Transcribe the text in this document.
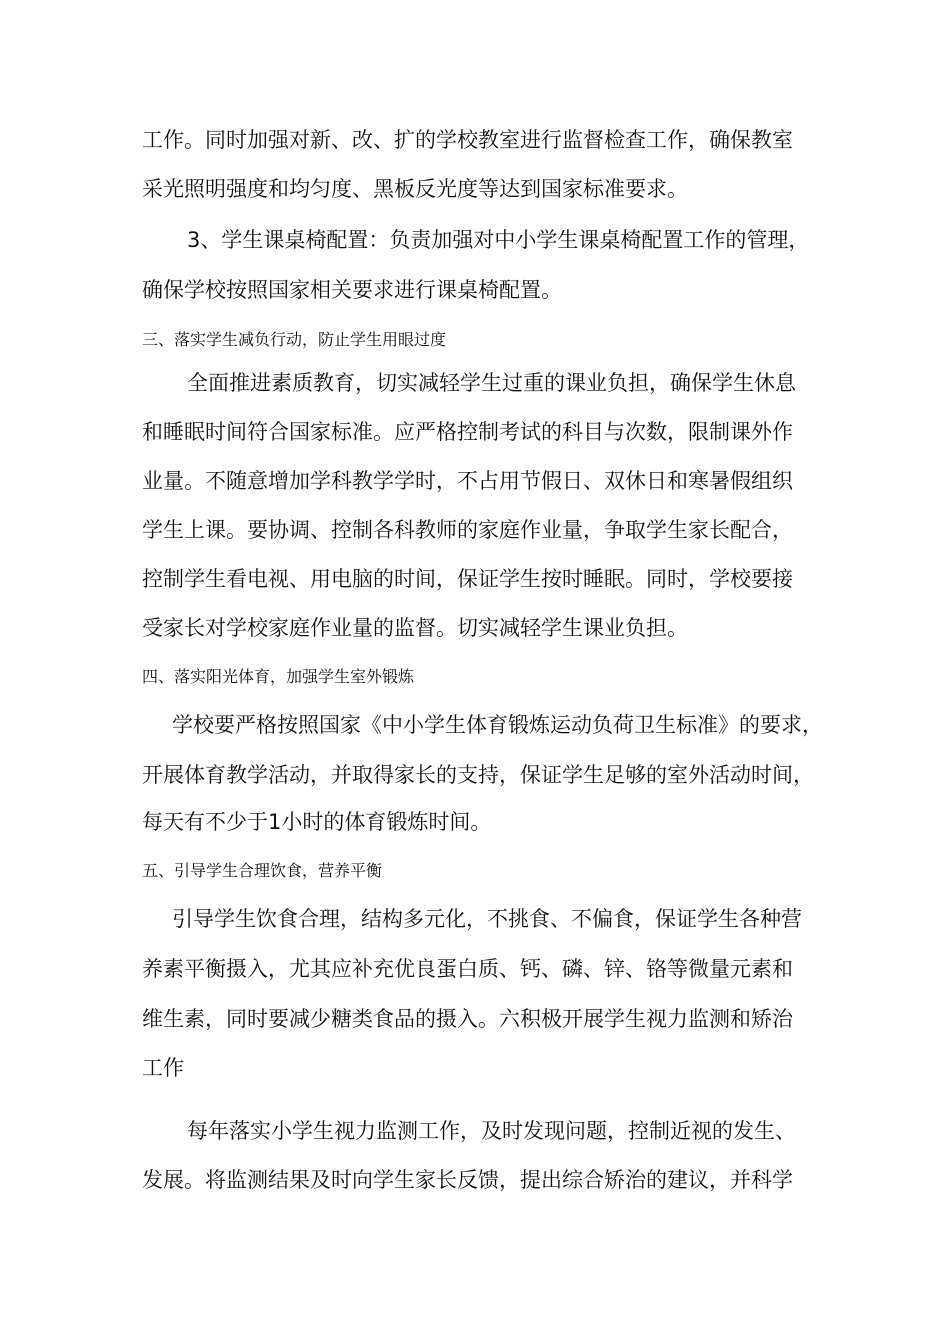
工作。同时加强对新、改、扩的学校教室进行监督检查工作，确保教室
采光照明强度和均匀度、黑板反光度等达到国家标准要求。
3、学生课桌椅配置：负责加强对中小学生课桌椅配置工作的管理，
确保学校按照国家相关要求进行课桌椅配置。
三、落实学生减负行动，防止学生用眼过度
全面推进素质教育，切实减轻学生过重的课业负担，确保学生休息
和睡眠时间符合国家标准。应严格控制考试的科目与次数，限制课外作
业量。不随意增加学科教学学时，不占用节假日、双休日和寒暑假组织
学生上课。要协调、控制各科教师的家庭作业量，争取学生家长配合，
控制学生看电视、用电脑的时间，保证学生按时睡眠。同时，学校要接
受家长对学校家庭作业量的监督。切实减轻学生课业负担。
四、落实阳光体育，加强学生室外锻炼
学校要严格按照国家《中小学生体育锻炼运动负荷卫生标准》的要求，
开展体育教学活动，并取得家长的支持，保证学生足够的室外活动时间，
每天有不少于1小时的体育锻炼时间。
五、引导学生合理饮食，营养平衡
引导学生饮食合理，结构多元化，不挑食、不偏食，保证学生各种营
养素平衡摄入，尤其应补充优良蛋白质、钙、磷、锌、铬等微量元素和
维生素，同时要减少糖类食品的摄入。六积极开展学生视力监测和矫治
工作
每年落实小学生视力监测工作，及时发现问题，控制近视的发生、
发展。将监测结果及时向学生家长反馈，提出综合矫治的建议，并科学
